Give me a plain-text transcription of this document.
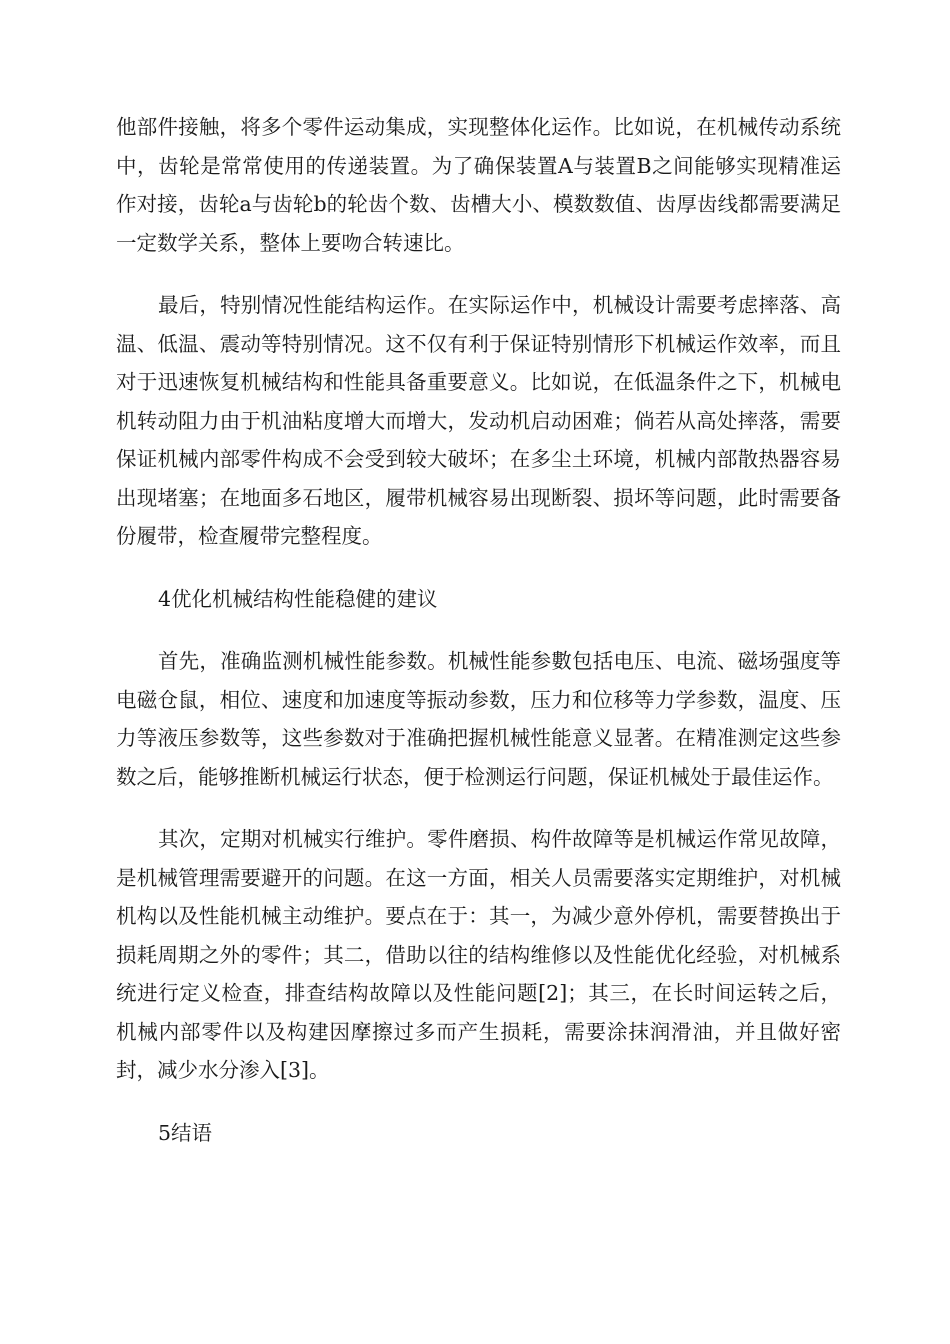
他部件接触，将多个零件运动集成，实现整体化运作。比如说，在机械传动系统中，齿轮是常常使用的传递装置。为了确保装置A与装置B之间能够实现精准运作对接，齿轮a与齿轮b的轮齿个数、齿槽大小、模数数值、齿厚齿线都需要满足一定数学关系，整体上要吻合转速比。

最后，特别情况性能结构运作。在实际运作中，机械设计需要考虑摔落、高温、低温、震动等特别情况。这不仅有利于保证特别情形下机械运作效率，而且对于迅速恢复机械结构和性能具备重要意义。比如说，在低温条件之下，机械电机转动阻力由于机油粘度增大而增大，发动机启动困难；倘若从高处摔落，需要保证机械内部零件构成不会受到较大破坏；在多尘土环境，机械内部散热器容易出现堵塞；在地面多石地区，履带机械容易出现断裂、损坏等问题，此时需要备份履带，检查履带完整程度。

4优化机械结构性能稳健的建议

首先，准确监测机械性能参数。机械性能参數包括电压、电流、磁场强度等电磁仓鼠，相位、速度和加速度等振动参数，压力和位移等力学参数，温度、压力等液压参数等，这些参数对于准确把握机械性能意义显著。在精准测定这些参数之后，能够推断机械运行状态，便于检测运行问题，保证机械处于最佳运作。

其次，定期对机械实行维护。零件磨损、构件故障等是机械运作常见故障，是机械管理需要避开的问题。在这一方面，相关人员需要落实定期维护，对机械机构以及性能机械主动维护。要点在于：其一，为减少意外停机，需要替换出于损耗周期之外的零件；其二，借助以往的结构维修以及性能优化经验，对机械系统进行定义检查，排查结构故障以及性能问题[2]；其三，在长时间运转之后，机械内部零件以及构建因摩擦过多而产生损耗，需要涂抹润滑油，并且做好密封，减少水分渗入[3]。

5结语
